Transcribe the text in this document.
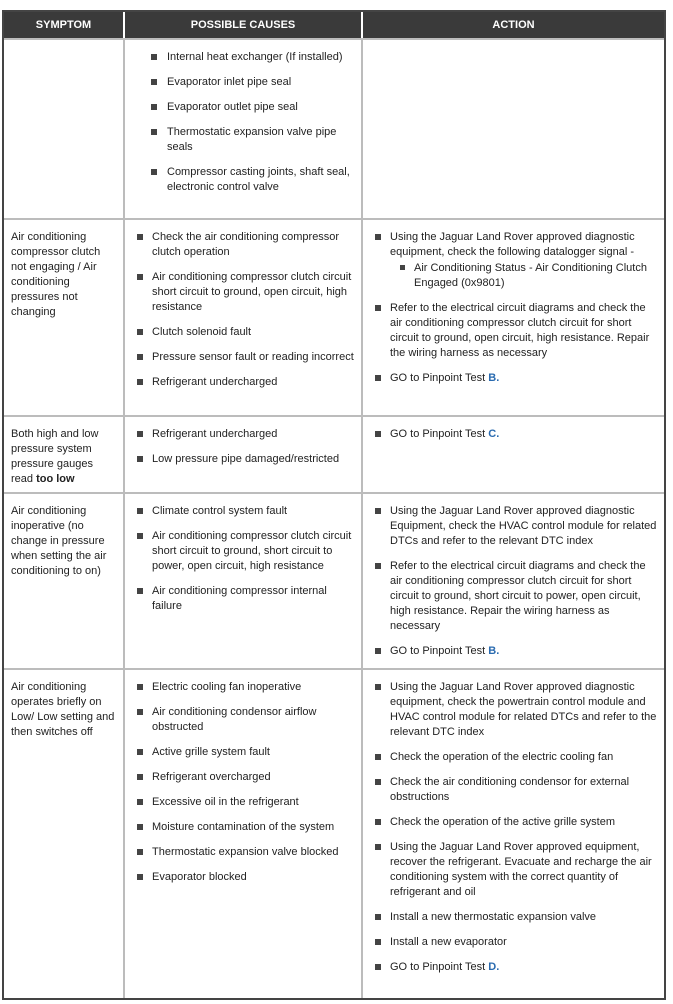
SYMPTOM	POSSIBLE CAUSES	ACTION
Internal heat exchanger (If installed)
Evaporator inlet pipe seal
Evaporator outlet pipe seal
Thermostatic expansion valve pipe seals
Compressor casting joints, shaft seal, electronic control valve
Air conditioning compressor clutch not engaging / Air conditioning pressures not changing
Check the air conditioning compressor clutch operation
Air conditioning compressor clutch circuit short circuit to ground, open circuit, high resistance
Clutch solenoid fault
Pressure sensor fault or reading incorrect
Refrigerant undercharged
Using the Jaguar Land Rover approved diagnostic equipment, check the following datalogger signal -
Air Conditioning Status - Air Conditioning Clutch Engaged (0x9801)
Refer to the electrical circuit diagrams and check the air conditioning compressor clutch circuit for short circuit to ground, open circuit, high resistance. Repair the wiring harness as necessary
GO to Pinpoint Test B.
Both high and low pressure system pressure gauges read too low
Refrigerant undercharged
Low pressure pipe damaged/restricted
GO to Pinpoint Test C.
Air conditioning inoperative (no change in pressure when setting the air conditioning to on)
Climate control system fault
Air conditioning compressor clutch circuit short circuit to ground, short circuit to power, open circuit, high resistance
Air conditioning compressor internal failure
Using the Jaguar Land Rover approved diagnostic Equipment, check the HVAC control module for related DTCs and refer to the relevant DTC index
Refer to the electrical circuit diagrams and check the air conditioning compressor clutch circuit for short circuit to ground, short circuit to power, open circuit, high resistance. Repair the wiring harness as necessary
GO to Pinpoint Test B.
Air conditioning operates briefly on Low/ Low setting and then switches off
Electric cooling fan inoperative
Air conditioning condensor airflow obstructed
Active grille system fault
Refrigerant overcharged
Excessive oil in the refrigerant
Moisture contamination of the system
Thermostatic expansion valve blocked
Evaporator blocked
Using the Jaguar Land Rover approved diagnostic equipment, check the powertrain control module and HVAC control module for related DTCs and refer to the relevant DTC index
Check the operation of the electric cooling fan
Check the air conditioning condensor for external obstructions
Check the operation of the active grille system
Using the Jaguar Land Rover approved equipment, recover the refrigerant. Evacuate and recharge the air conditioning system with the correct quantity of refrigerant and oil
Install a new thermostatic expansion valve
Install a new evaporator
GO to Pinpoint Test D.
